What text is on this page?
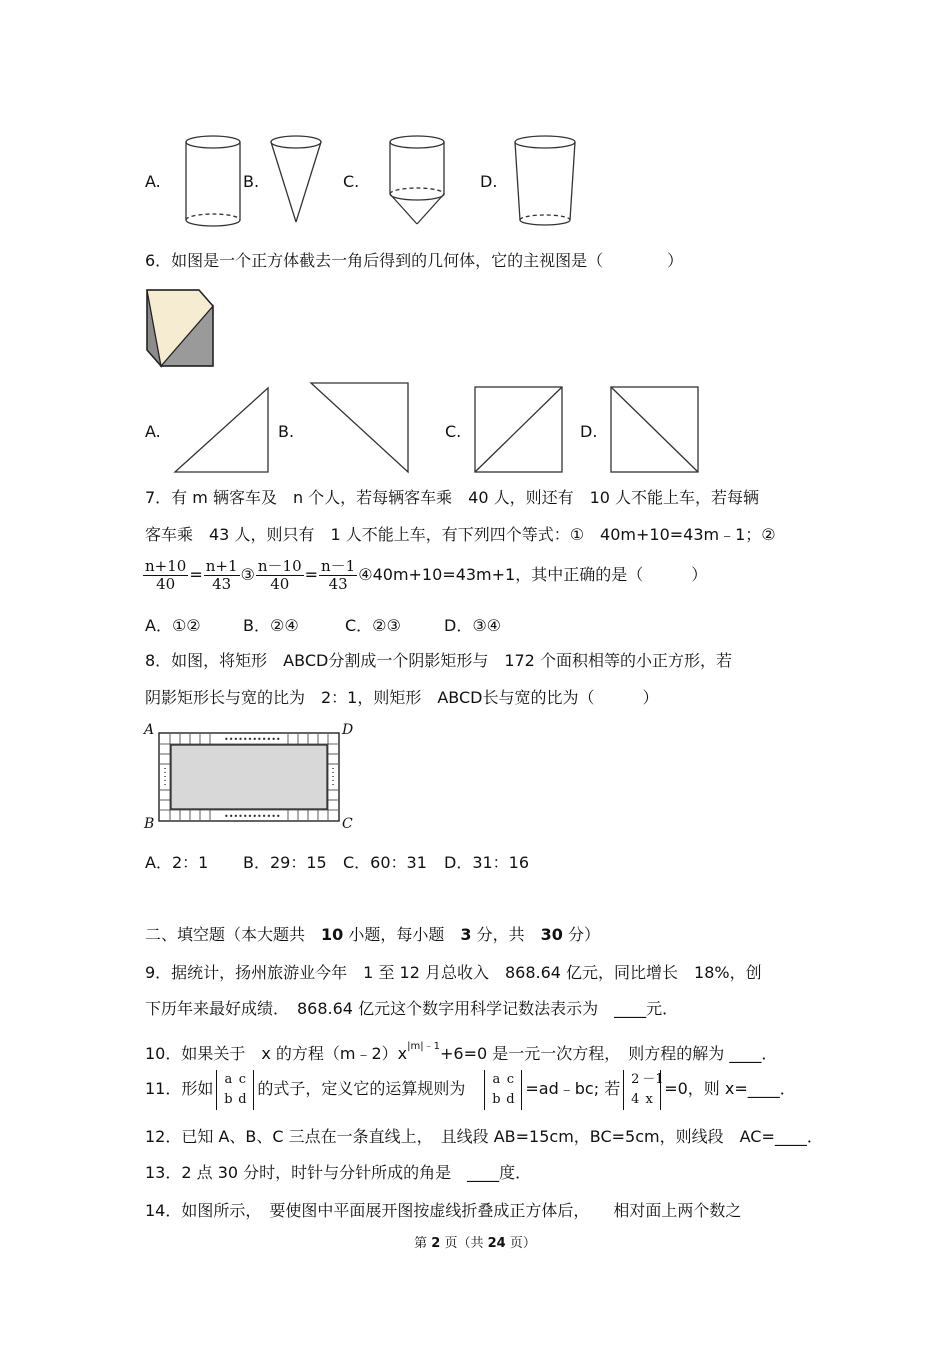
A.	B.	C.	D.
6．如图是一个正方体截去一角后得到的几何体，它的主视图是（　　　　）
A.	B.	C.	D.
7．有 m 辆客车及　n 个人，若每辆客车乘　40 人，则还有　10 人不能上车，若每辆
客车乘　43 人，则只有　1 人不能上车，有下列四个等式：①　40m+10=43m﹣1；②
$\frac{n+10}{40} = \frac{n+1}{43}$ ③ $\frac{n-10}{40} = \frac{n-1}{43}$ ④40m+10=43m+1，其中正确的是（　　　）
A．①②	B．②④	C．②③	D．③④
8．如图，将矩形　ABCD分割成一个阴影矩形与　172 个面积相等的小正方形，若
阴影矩形长与宽的比为　2：1，则矩形　ABCD长与宽的比为（　　　）
A	D
B	C
••••••••••••
••••••••••••
A．2：1 B．29：15 C．60：31 D．31：16
二、填空题（本大题共　10 小题，每小题　3 分，共　30 分）
9．据统计，扬州旅游业今年　1 至 12 月总收入　868.64 亿元，同比增长　18%，创
下历年来最好成绩．　868.64 亿元这个数字用科学记数法表示为　____元．
10．如果关于　x 的方程$(m﹣2)x^{|m|﹣1}+6=0$ 是一元一次方程，　则方程的解为 ____．
11．形如 a c
b d的式子，定义它的运算规则为　a c
b d=ad﹣bc; 若 2 －1
4 x=0，则 x=____．
12．已知 A、B、C 三点在一条直线上，　且线段 AB=15cm，BC=5cm，则线段　AC=____．
13．2 点 30 分时，时针与分针所成的角是　____度．
14．如图所示，　要使图中平面展开图按虚线折叠成正方体后，　　相对面上两个数之
第 2 页（共 24 页）
